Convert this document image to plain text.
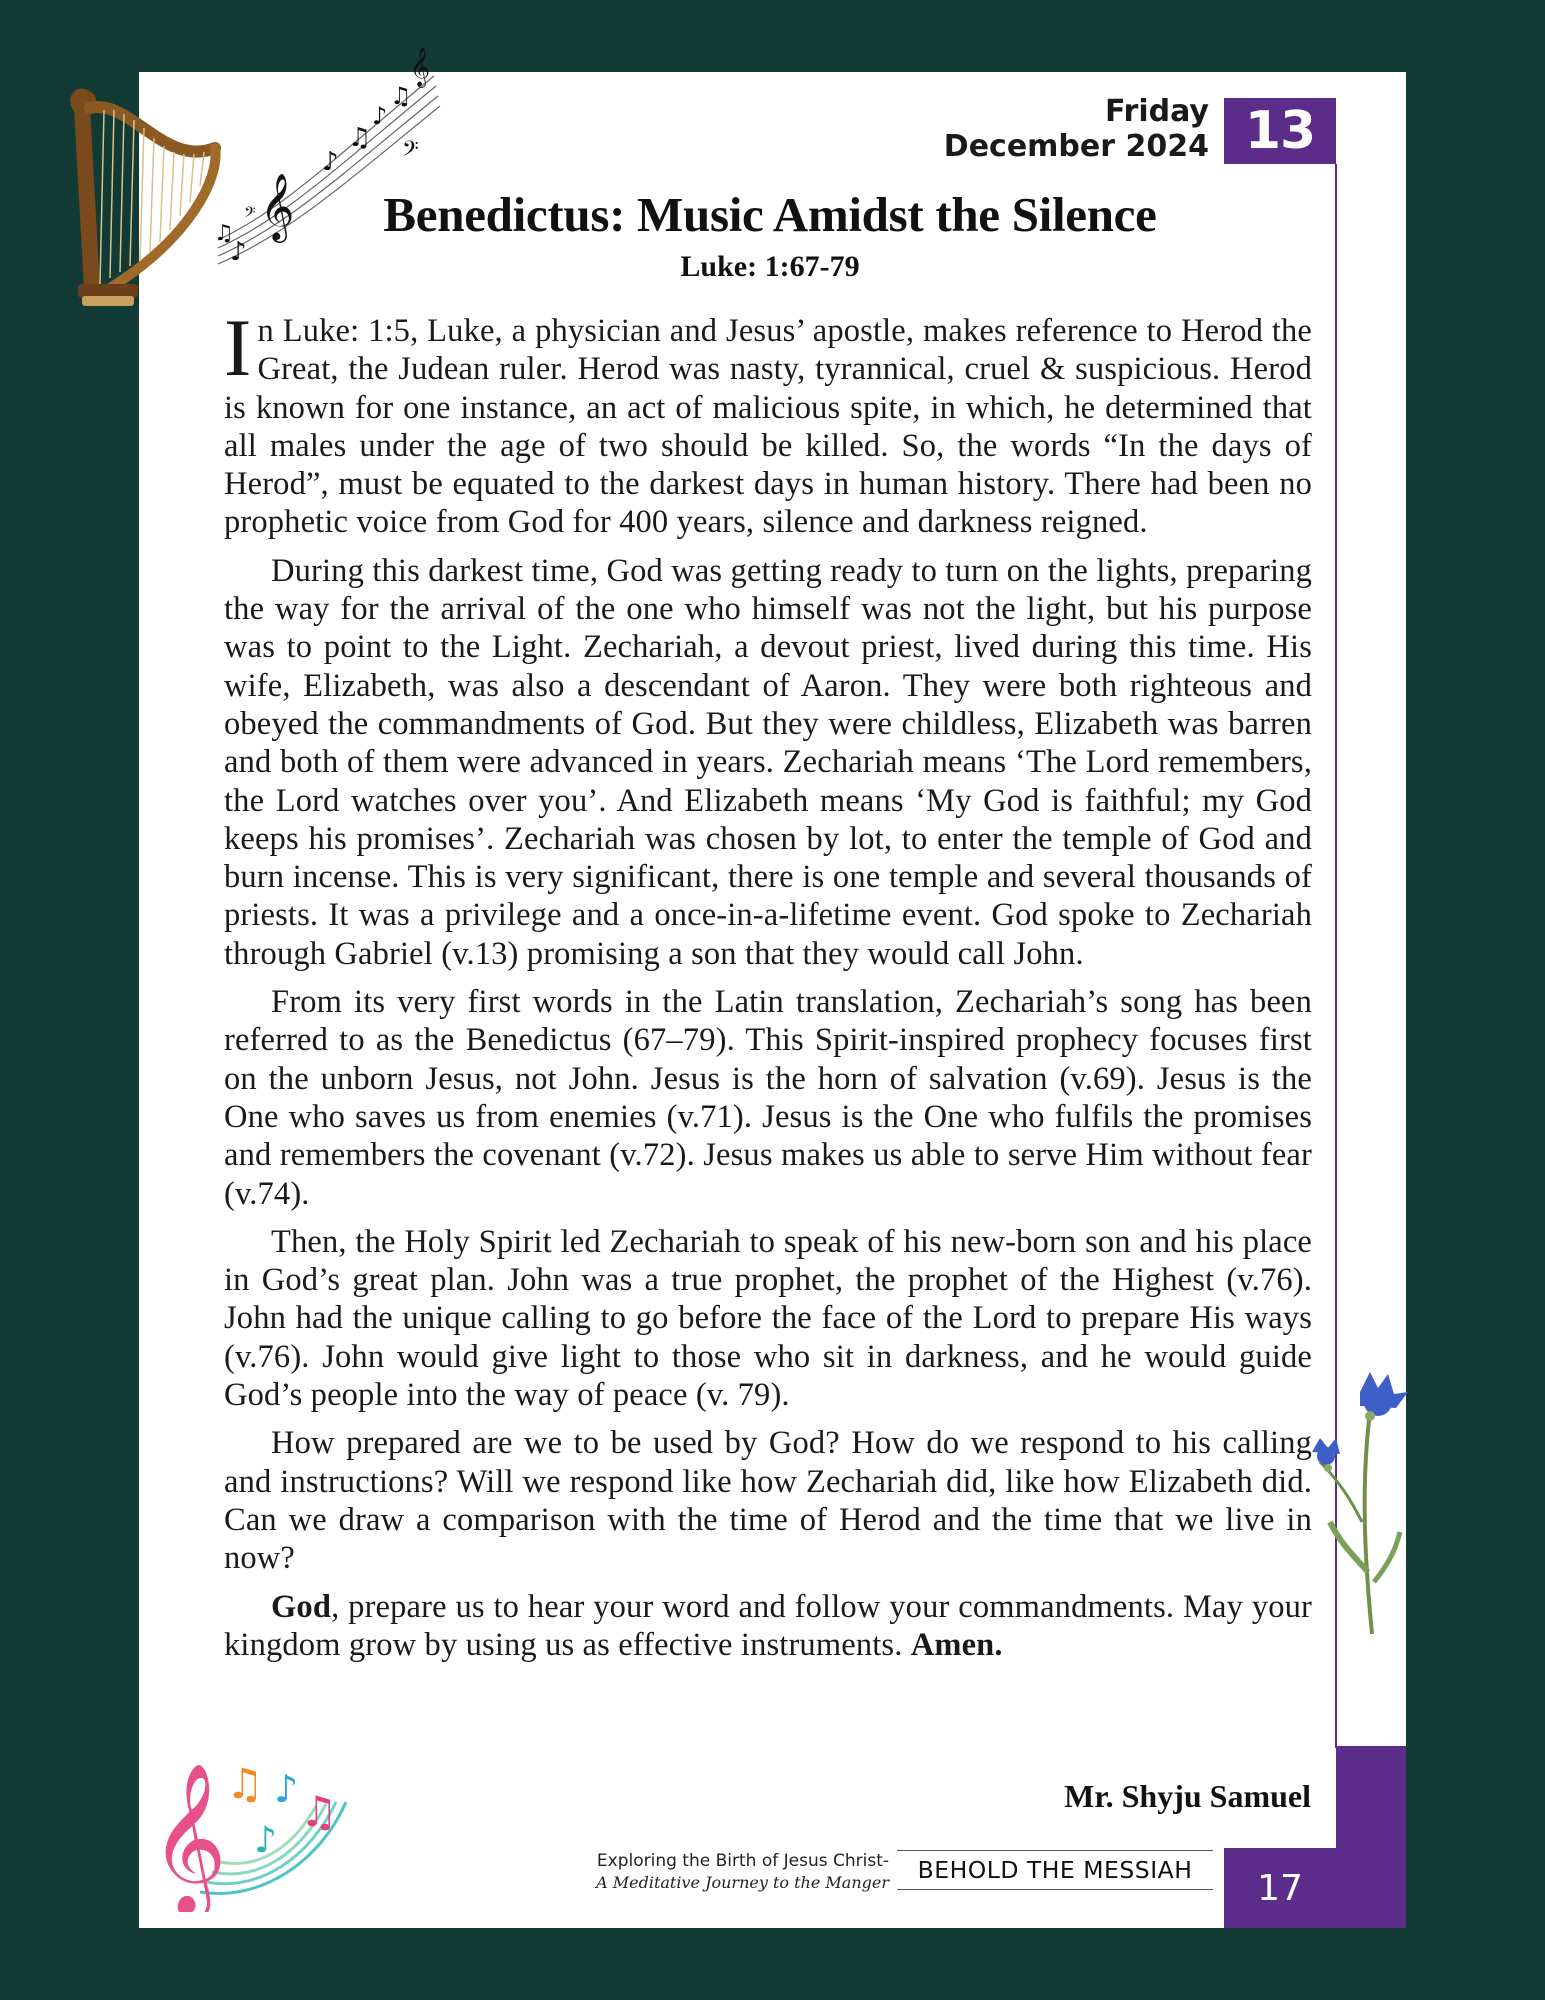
𝄞
♪
♫
♪
♫
♪
♫
𝄞
𝄢
𝄢
𝄞 ♫ ♪ ♫
♪
Friday
December 2024 13
Benedictus: Music Amidst the Silence
Luke: 1:67-79

In Luke: 1:5, Luke, a physician and Jesus’ apostle, makes reference to Herod the Great, the Judean ruler. Herod was nasty, tyrannical, cruel & suspicious. Herod is known for one instance, an act of malicious spite, in which, he determined that all males under the age of two should be killed. So, the words “In the days of Herod”, must be equated to the darkest days in human history. There had been no prophetic voice from God for 400 years, silence and darkness reigned.

During this darkest time, God was getting ready to turn on the lights, preparing the way for the arrival of the one who himself was not the light, but his purpose was to point to the Light. Zechariah, a devout priest, lived during this time. His wife, Elizabeth, was also a descendant of Aaron. They were both righteous and obeyed the commandments of God. But they were childless, Elizabeth was barren and both of them were advanced in years. Zechariah means ‘The Lord remembers, the Lord watches over you’. And Elizabeth means ‘My God is faithful; my God keeps his promises’. Zechariah was chosen by lot, to enter the temple of God and burn incense. This is very significant, there is one temple and several thousands of priests. It was a privilege and a once-in-a-lifetime event. God spoke to Zechariah through Gabriel (v.13) promising a son that they would call John.

From its very first words in the Latin translation, Zechariah’s song has been referred to as the Benedictus (67–79). This Spirit-inspired prophecy focuses first on the unborn Jesus, not John. Jesus is the horn of salvation (v.69). Jesus is the One who saves us from enemies (v.71). Jesus is the One who fulfils the promises and remembers the covenant (v.72). Jesus makes us able to serve Him without fear (v.74).

Then, the Holy Spirit led Zechariah to speak of his new-born son and his place in God’s great plan. John was a true prophet, the prophet of the Highest (v.76). John had the unique calling to go before the face of the Lord to prepare His ways (v.76). John would give light to those who sit in darkness, and he would guide God’s people into the way of peace (v. 79).

How prepared are we to be used by God? How do we respond to his calling and instructions? Will we respond like how Zechariah did, like how Elizabeth did. Can we draw a comparison with the time of Herod and the time that we live in now?

God, prepare us to hear your word and follow your commandments. May your kingdom grow by using us as effective instruments. Amen.

Mr. Shyju Samuel
Exploring the Birth of Jesus Christ-
A Meditative Journey to the Manger	BEHOLD THE MESSIAH	17
